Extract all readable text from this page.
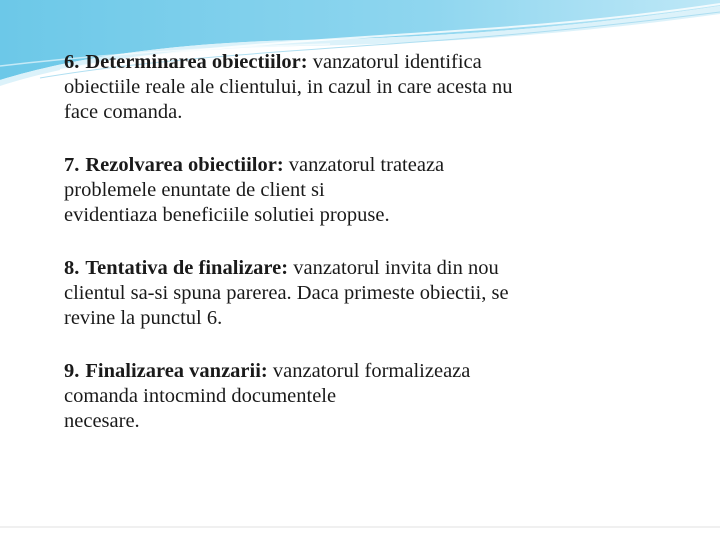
6. Determinarea obiectiilor: vanzatorul identifica
obiectiile reale ale clientului, in cazul in care acesta nu
face comanda.

7. Rezolvarea obiectiilor: vanzatorul trateaza
problemele enuntate de client si
evidentiaza beneficiile solutiei propuse.

8. Tentativa de finalizare: vanzatorul invita din nou
clientul sa-si spuna parerea. Daca primeste obiectii, se
revine la punctul 6.

9. Finalizarea vanzarii: vanzatorul formalizeaza
comanda intocmind documentele
necesare.
